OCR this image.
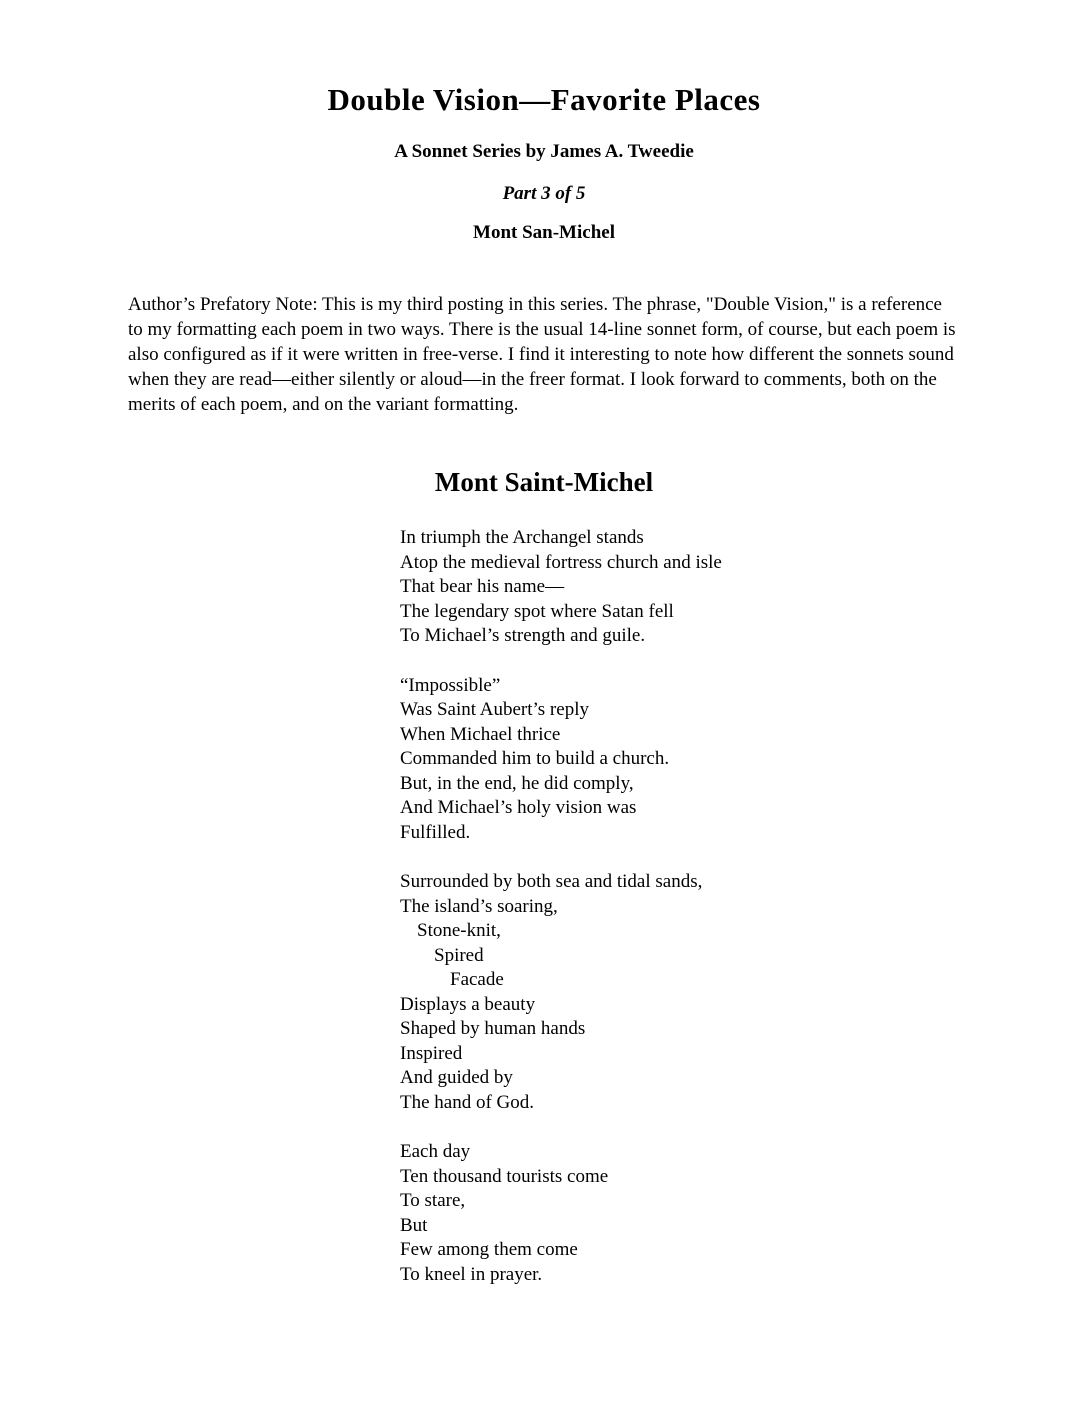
Double Vision—Favorite Places
A Sonnet Series by James A. Tweedie
Part 3 of 5
Mont San-Michel

Author’s Prefatory Note: This is my third posting in this series. The phrase, "Double Vision," is a reference to my formatting each poem in two ways. There is the usual 14-line sonnet form, of course, but each poem is also configured as if it were written in free-verse. I find it interesting to note how different the sonnets sound when they are read—either silently or aloud—in the freer format. I look forward to comments, both on the merits of each poem, and on the variant formatting.

Mont Saint-Michel
In triumph the Archangel stands
Atop the medieval fortress church and isle
That bear his name—
The legendary spot where Satan fell
To Michael’s strength and guile.
“Impossible”
Was Saint Aubert’s reply
When Michael thrice
Commanded him to build a church.
But, in the end, he did comply,
And Michael’s holy vision was
Fulfilled.
Surrounded by both sea and tidal sands,
The island’s soaring,
Stone-knit,
Spired
Facade
Displays a beauty
Shaped by human hands
Inspired
And guided by
The hand of God.
Each day
Ten thousand tourists come
To stare,
But
Few among them come
To kneel in prayer.
